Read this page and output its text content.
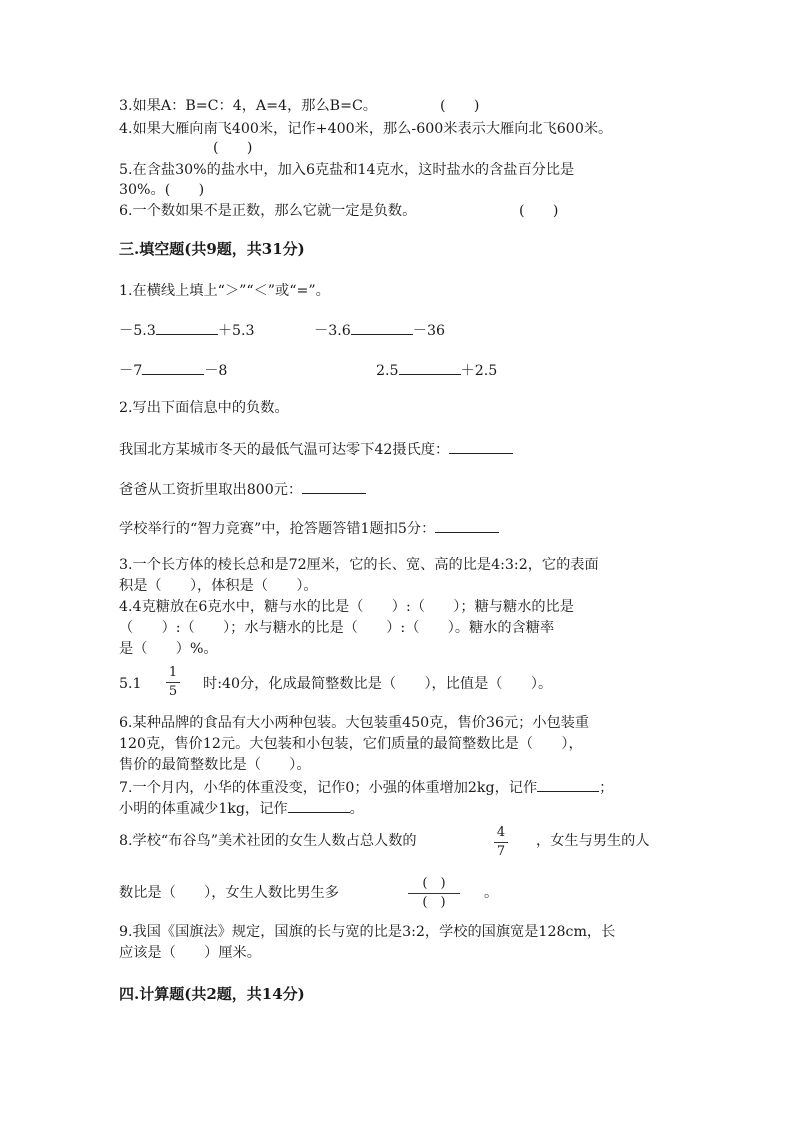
3.如果A：B=C：4，A=4，那么B=C。	(　　)
4.如果大雁向南飞400米，记作+400米，那么-600米表示大雁向北飞600米。
(　　)
5.在含盐30%的盐水中，加入6克盐和14克水，这时盐水的含盐百分比是
30%。(　　)
6.一个数如果不是正数，那么它就一定是负数。	(　　)
三.填空题(共9题，共31分)
1.在横线上填上“＞”“＜”或“=”。
－5.3	＋5.3	－3.6	－36
－7	－8	2.5	＋2.5
2.写出下面信息中的负数。
我国北方某城市冬天的最低气温可达零下42摄氏度：
爸爸从工资折里取出800元：
学校举行的“智力竞赛”中，抢答题答错1题扣5分：
3.一个长方体的棱长总和是72厘米，它的长、宽、高的比是4:3:2，它的表面
积是（　　），体积是（　　）。
4.4克糖放在6克水中，糖与水的比是（　　）:（　　）；糖与糖水的比是
（　　）:（　　）；水与糖水的比是（　　）:（　　）。糖水的含糖率
是（　　）%。
5.1
1
5 时:40分，化成最简整数比是（　　），比值是（　　）。
6.某种品牌的食品有大小两种包装。大包装重450克，售价36元；小包装重
120克，售价12元。大包装和小包装，它们质量的最简整数比是（　　），
售价的最简整数比是（　　）。
7.一个月内，小华的体重没变，记作0；小强的体重增加2kg，记作	；
小明的体重减少1kg，记作	。
8.学校“布谷鸟”美术社团的女生人数占总人数的
4
7
，女生与男生的人
数比是（　　），女生人数比男生多
(　)
(　)
。
9.我国《国旗法》规定，国旗的长与宽的比是3:2，学校的国旗宽是128cm，长
应该是（　　）厘米。
四.计算题(共2题，共14分)
